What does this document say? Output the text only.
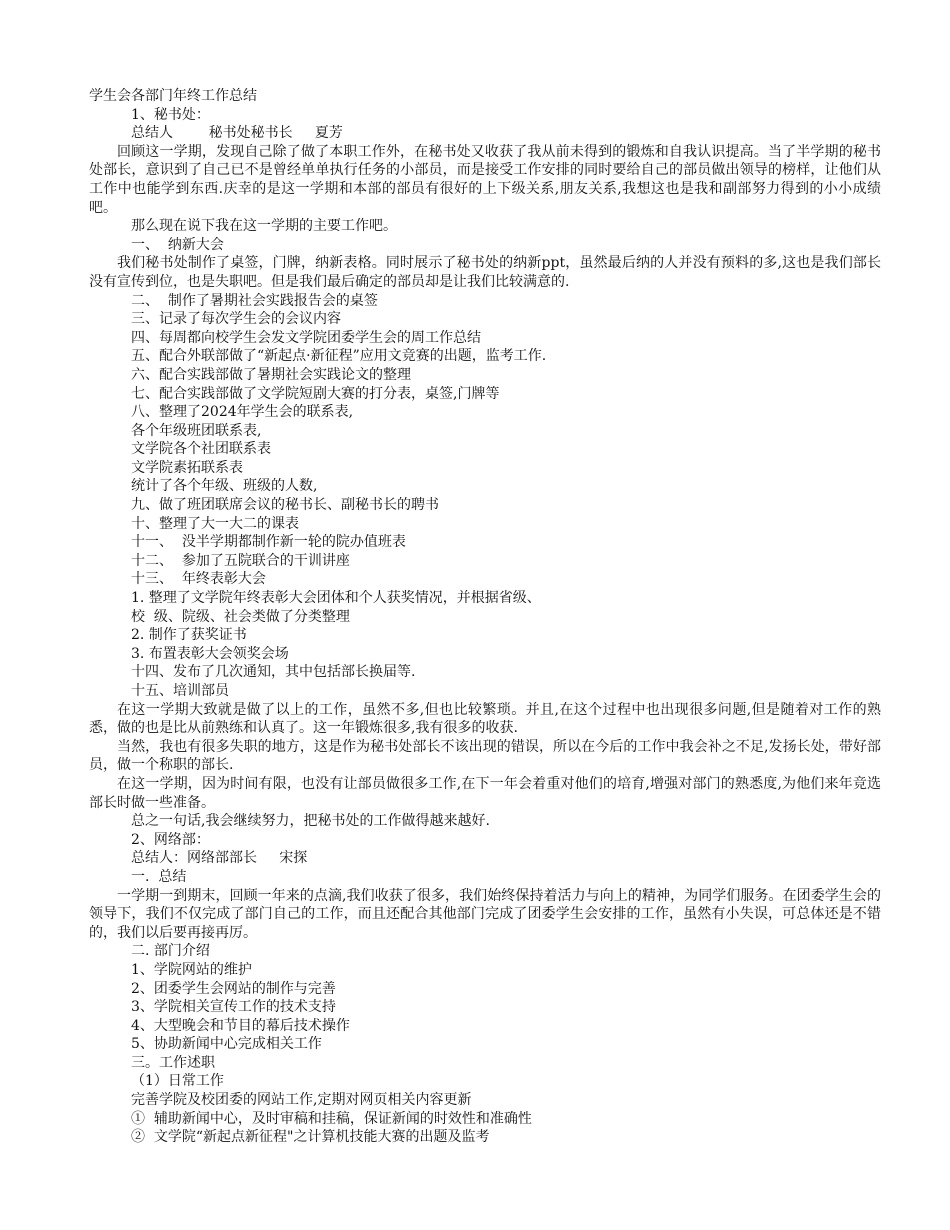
学生会各部门年终工作总结
1、秘书处：
总结人        秘书处秘书长     夏芳
回顾这一学期，发现自己除了做了本职工作外，在秘书处又收获了我从前未得到的锻炼和自我认识提高。当了半学期的秘书处部长，意识到了自己已不是曾经单单执行任务的小部员，而是接受工作安排的同时要给自己的部员做出领导的榜样，让他们从工作中也能学到东西.庆幸的是这一学期和本部的部员有很好的上下级关系,朋友关系,我想这也是我和副部努力得到的小小成绩吧。
那么现在说下我在这一学期的主要工作吧。
一、  纳新大会
我们秘书处制作了桌签，门牌，纳新表格。同时展示了秘书处的纳新ppt，虽然最后纳的人并没有预料的多,这也是我们部长没有宣传到位，也是失职吧。但是我们最后确定的部员却是让我们比较满意的.
二、  制作了暑期社会实践报告会的桌签
三、记录了每次学生会的会议内容
四、每周都向校学生会发文学院团委学生会的周工作总结
五、配合外联部做了“新起点·新征程”应用文竞赛的出题，监考工作.
六、配合实践部做了暑期社会实践论文的整理
七、配合实践部做了文学院短剧大赛的打分表，桌签,门牌等
八、整理了2024年学生会的联系表,
各个年级班团联系表,
文学院各个社团联系表
文学院素拓联系表
统计了各个年级、班级的人数,
九、做了班团联席会议的秘书长、副秘书长的聘书
十、整理了大一大二的课表
十一、  没半学期都制作新一轮的院办值班表
十二、  参加了五院联合的干训讲座
十三、  年终表彰大会
1. 整理了文学院年终表彰大会团体和个人获奖情况，并根据省级、
校  级、院级、社会类做了分类整理
2. 制作了获奖证书
3. 布置表彰大会领奖会场
十四、发布了几次通知，其中包括部长换届等.
十五、培训部员
在这一学期大致就是做了以上的工作，虽然不多,但也比较繁琐。并且,在这个过程中也出现很多问题,但是随着对工作的熟悉，做的也是比从前熟练和认真了。这一年锻炼很多,我有很多的收获.
当然，我也有很多失职的地方，这是作为秘书处部长不该出现的错误，所以在今后的工作中我会补之不足,发扬长处，带好部员，做一个称职的部长.
在这一学期，因为时间有限，也没有让部员做很多工作,在下一年会着重对他们的培育,增强对部门的熟悉度,为他们来年竞选部长时做一些准备。
总之一句话,我会继续努力，把秘书处的工作做得越来越好.
2、网络部：
总结人：网络部部长     宋探
一.  总结
一学期一到期末，回顾一年来的点滴,我们收获了很多，我们始终保持着活力与向上的精神，为同学们服务。在团委学生会的领导下，我们不仅完成了部门自己的工作，而且还配合其他部门完成了团委学生会安排的工作，虽然有小失误，可总体还是不错的，我们以后要再接再厉。
二. 部门介绍
1、学院网站的维护
2、团委学生会网站的制作与完善
3、学院相关宣传工作的技术支持
4、大型晚会和节目的幕后技术操作
5、协助新闻中心完成相关工作
三。工作述职
（1）日常工作
完善学院及校团委的网站工作,定期对网页相关内容更新
①  辅助新闻中心，及时审稿和挂稿，保证新闻的时效性和准确性
②  文学院“新起点新征程"之计算机技能大赛的出题及监考
